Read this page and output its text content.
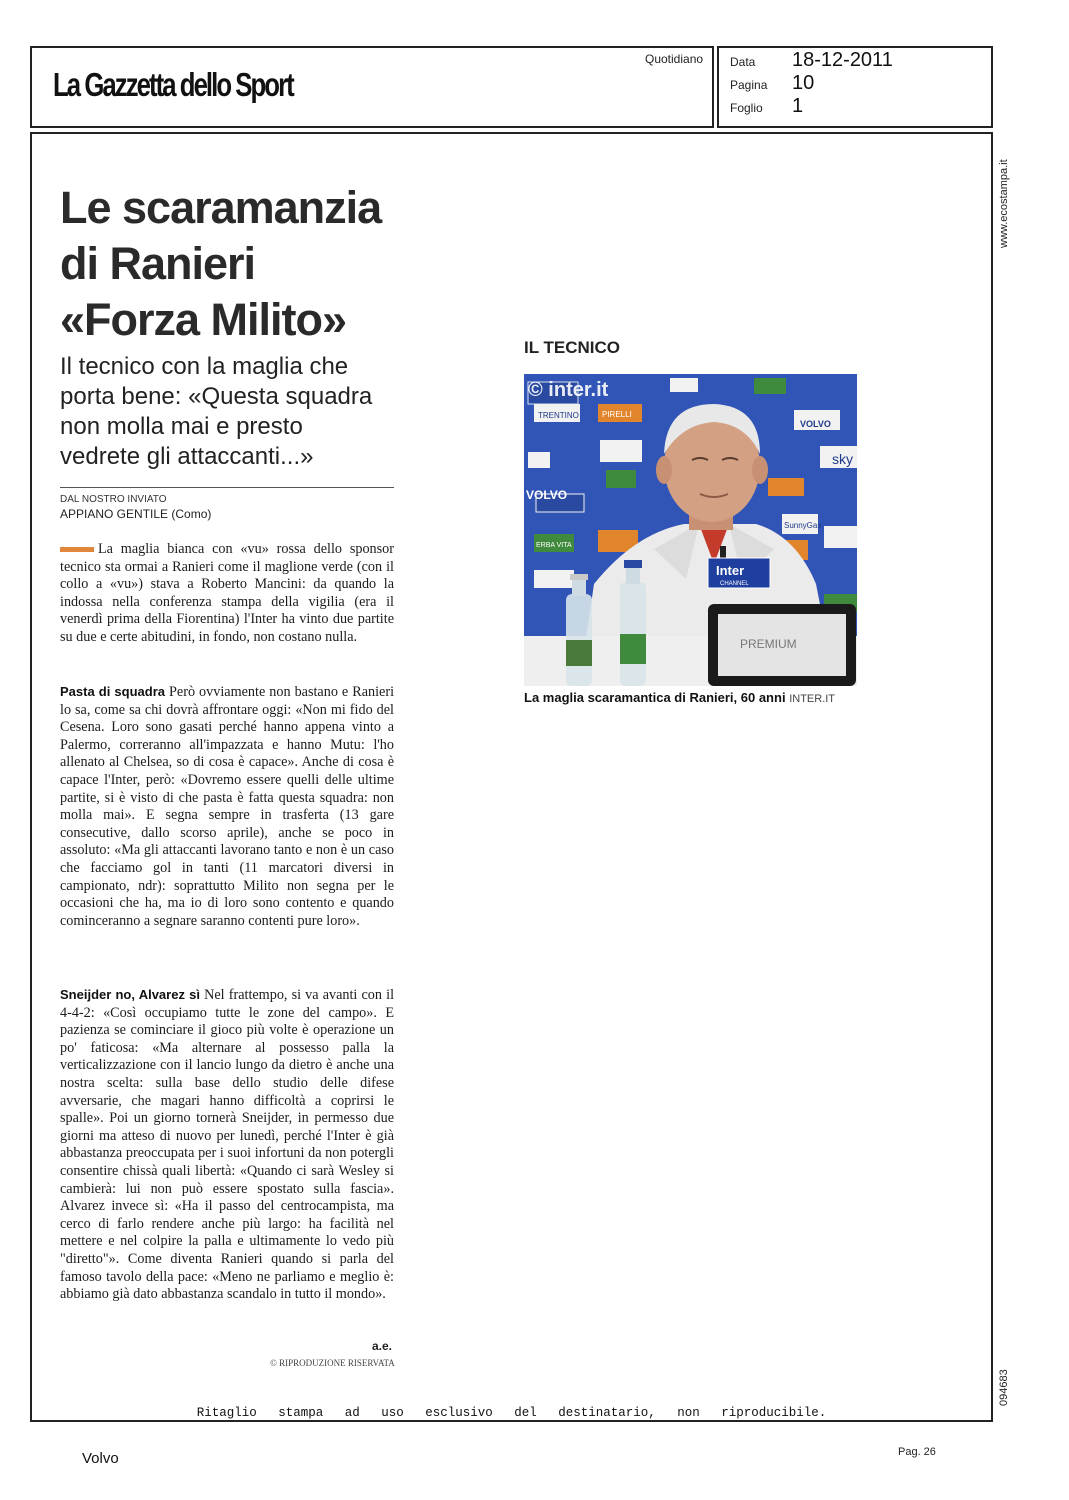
La Gazzetta dello Sport
Quotidiano Data 18-12-2011
Pagina 10
Foglio 1
www.ecostampa.it
094683
Le scaramanzia
di Ranieri
«Forza Milito»
Il tecnico con la maglia che
porta bene: «Questa squadra
non molla mai e presto
vedrete gli attaccanti...»
DAL NOSTRO INVIATO
APPIANO GENTILE (Como)
La maglia bianca con «vu» rossa dello sponsor tecnico sta ormai a Ranieri come il maglione verde (con il collo a «vu») stava a Roberto Mancini: da quando la indossa nella conferenza stampa della vigilia (era il venerdì prima della Fiorentina) l'Inter ha vinto due partite su due e certe abitudini, in fondo, non costano nulla.
Pasta di squadra Però ovviamente non bastano e Ranieri lo sa, come sa chi dovrà affrontare oggi: «Non mi fido del Cesena. Loro sono gasati perché hanno appena vinto a Palermo, correranno all'impazzata e hanno Mutu: l'ho allenato al Chelsea, so di cosa è capace». Anche di cosa è capace l'Inter, però: «Dovremo essere quelli delle ultime partite, si è visto di che pasta è fatta questa squadra: non molla mai». E segna sempre in trasferta (13 gare consecutive, dallo scorso aprile), anche se poco in assoluto: «Ma gli attaccanti lavorano tanto e non è un caso che facciamo gol in tanti (11 marcatori diversi in campionato, ndr): soprattutto Milito non segna per le occasioni che ha, ma io di loro sono contento e quando cominceranno a segnare saranno contenti pure loro».
Sneijder no, Alvarez sì Nel frattempo, si va avanti con il 4-4-2: «Così occupiamo tutte le zone del campo». E pazienza se cominciare il gioco più volte è operazione un po' faticosa: «Ma alternare al possesso palla la verticalizzazione con il lancio lungo da dietro è anche una nostra scelta: sulla base dello studio delle difese avversarie, che magari hanno difficoltà a coprirsi le spalle». Poi un giorno tornerà Sneijder, in permesso due giorni ma atteso di nuovo per lunedì, perché l'Inter è già abbastanza preoccupata per i suoi infortuni da non potergli consentire chissà quali libertà: «Quando ci sarà Wesley si cambierà: lui non può essere spostato sulla fascia». Alvarez invece sì: «Ha il passo del centrocampista, ma cerco di farlo rendere anche più largo: ha facilità nel mettere e nel colpire la palla e ultimamente lo vedo più "diretto"». Come diventa Ranieri quando si parla del famoso tavolo della pace: «Meno ne parliamo e meglio è: abbiamo già dato abbastanza scandalo in tutto il mondo».
a.e.
© RIPRODUZIONE RISERVATA
IL TECNICO
VOLVO
TRENTINO	PIRELLI
SunnyGas
ERBA VITA
sky
VOLVO
Inter
CHANNEL
PREMIUM
© inter.it
La maglia scaramantica di Ranieri, 60 anni INTER.IT
Ritaglio stampa ad uso esclusivo del destinatario, non riproducibile.
Volvo	Pag. 26
